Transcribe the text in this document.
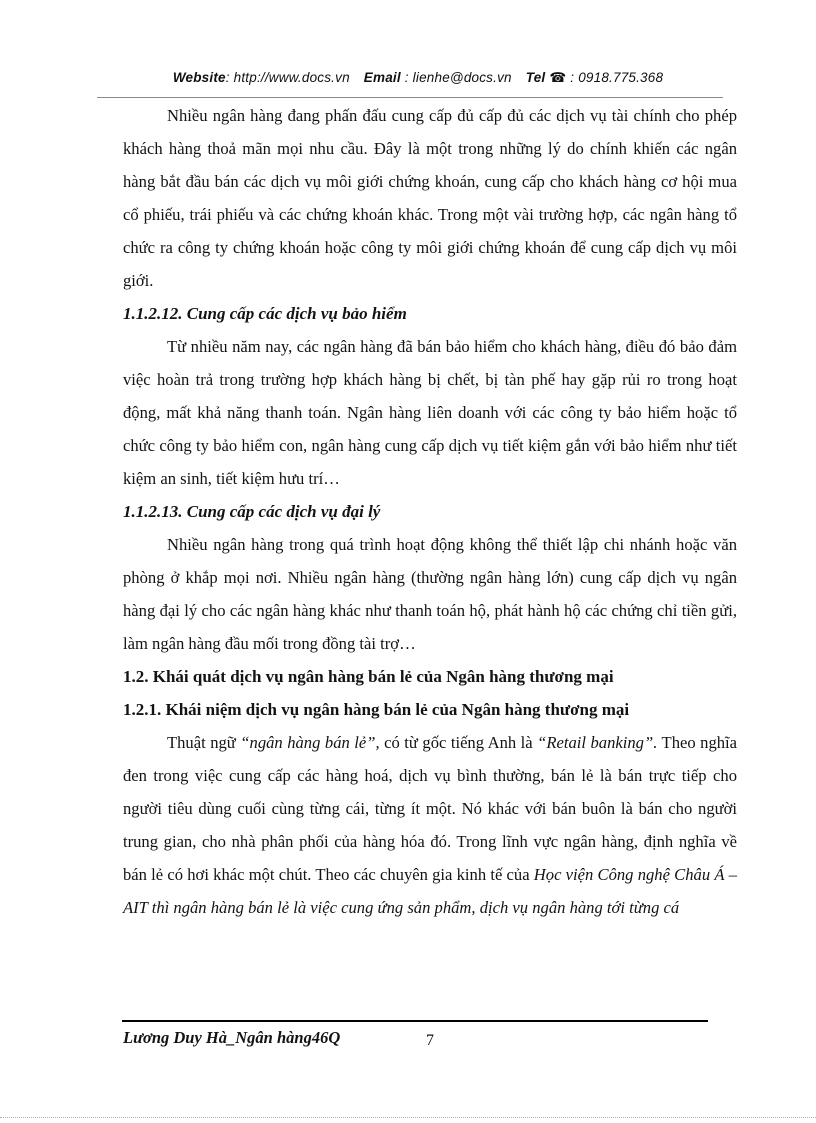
Website: http://www.docs.vn Email : lienhe@docs.vn Tel ☎ : 0918.775.368

Nhiều ngân hàng đang phấn đấu cung cấp đủ cấp đủ các dịch vụ tài chính cho phép khách hàng thoả mãn mọi nhu cầu. Đây là một trong những lý do chính khiến các ngân hàng bắt đầu bán các dịch vụ môi giới chứng khoán, cung cấp cho khách hàng cơ hội mua cổ phiếu, trái phiếu và các chứng khoán khác. Trong một vài trường hợp, các ngân hàng tổ chức ra công ty chứng khoán hoặc công ty môi giới chứng khoán để cung cấp dịch vụ môi giới.

1.1.2.12. Cung cấp các dịch vụ bảo hiểm

Từ nhiều năm nay, các ngân hàng đã bán bảo hiểm cho khách hàng, điều đó bảo đảm việc hoàn trả trong trường hợp khách hàng bị chết, bị tàn phế hay gặp rủi ro trong hoạt động, mất khả năng thanh toán. Ngân hàng liên doanh với các công ty bảo hiểm hoặc tổ chức công ty bảo hiểm con, ngân hàng cung cấp dịch vụ tiết kiệm gắn với bảo hiểm như tiết kiệm an sinh, tiết kiệm hưu trí…

1.1.2.13. Cung cấp các dịch vụ đại lý

Nhiều ngân hàng trong quá trình hoạt động không thể thiết lập chi nhánh hoặc văn phòng ở khắp mọi nơi. Nhiều ngân hàng (thường ngân hàng lớn) cung cấp dịch vụ ngân hàng đại lý cho các ngân hàng khác như thanh toán hộ, phát hành hộ các chứng chỉ tiền gửi, làm ngân hàng đầu mối trong đồng tài trợ…

1.2. Khái quát dịch vụ ngân hàng bán lẻ của Ngân hàng thương mại

1.2.1. Khái niệm dịch vụ ngân hàng bán lẻ của Ngân hàng thương mại

Thuật ngữ “ngân hàng bán lẻ”, có từ gốc tiếng Anh là “Retail banking”. Theo nghĩa đen trong việc cung cấp các hàng hoá, dịch vụ bình thường, bán lẻ là bán trực tiếp cho người tiêu dùng cuối cùng từng cái, từng ít một. Nó khác với bán buôn là bán cho người trung gian, cho nhà phân phối của hàng hóa đó. Trong lĩnh vực ngân hàng, định nghĩa về bán lẻ có hơi khác một chút. Theo các chuyên gia kinh tế của Học viện Công nghệ Châu Á – AIT thì ngân hàng bán lẻ là việc cung ứng sản phẩm, dịch vụ ngân hàng tới từng cá

Lương Duy Hà_Ngân hàng46Q	7
